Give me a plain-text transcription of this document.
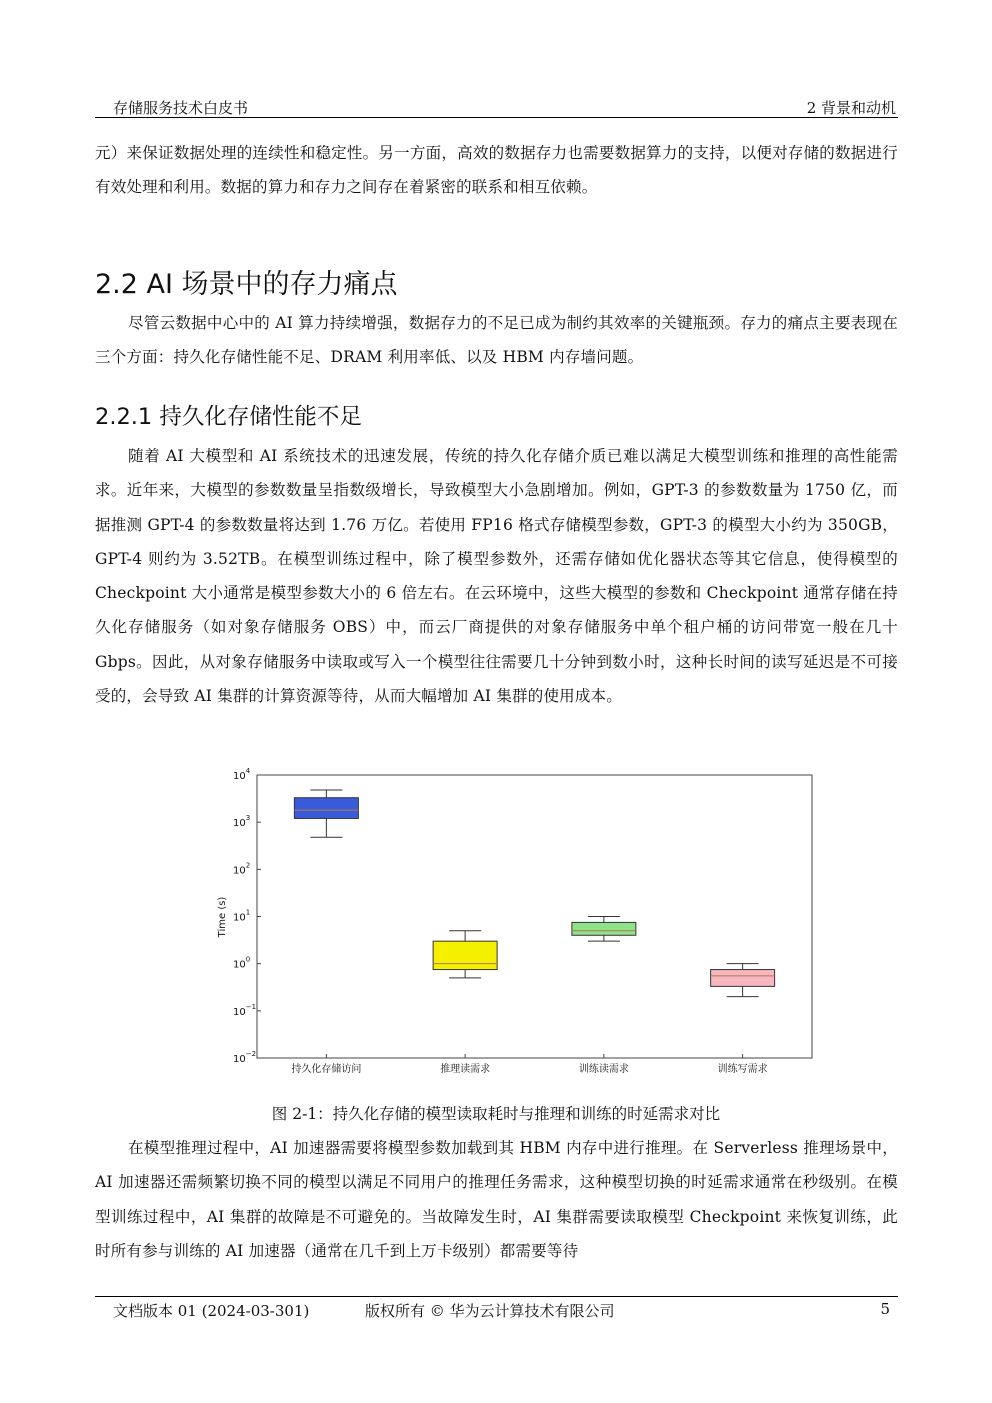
存储服务技术白皮书	2 背景和动机

元）来保证数据处理的连续性和稳定性。另一方面，高效的数据存力也需要数据算力的支持，以便对存储的数据进行有效处理和利用。数据的算力和存力之间存在着紧密的联系和相互依赖。

2.2 AI 场景中的存力痛点

尽管云数据中心中的 AI 算力持续增强，数据存力的不足已成为制约其效率的关键瓶颈。存力的痛点主要表现在三个方面：持久化存储性能不足、DRAM 利用率低、以及 HBM 内存墙问题。

2.2.1 持久化存储性能不足

随着 AI 大模型和 AI 系统技术的迅速发展，传统的持久化存储介质已难以满足大模型训练和推理的高性能需求。近年来，大模型的参数数量呈指数级增长，导致模型大小急剧增加。例如，GPT-3 的参数数量为 1750 亿，而据推测 GPT-4 的参数数量将达到 1.76 万亿。若使用 FP16 格式存储模型参数，GPT-3 的模型大小约为 350GB，GPT-4 则约为 3.52TB。在模型训练过程中，除了模型参数外，还需存储如优化器状态等其它信息，使得模型的 Checkpoint 大小通常是模型参数大小的 6 倍左右。在云环境中，这些大模型的参数和 Checkpoint 通常存储在持久化存储服务（如对象存储服务 OBS）中，而云厂商提供的对象存储服务中单个租户桶的访问带宽一般在几十 Gbps。因此，从对象存储服务中读取或写入一个模型往往需要几十分钟到数小时，这种长时间的读写延迟是不可接受的，会导致 AI 集群的计算资源等待，从而大幅增加 AI 集群的使用成本。

Time (s)
$10^4$
$10^3$
$10^2$
$10^1$
$10^0$
$10^{-1}$
$10^{-2}$
持久化存储访问	推理读需求	训练读需求	训练写需求
图 2-1：持久化存储的模型读取耗时与推理和训练的时延需求对比

在模型推理过程中，AI 加速器需要将模型参数加载到其 HBM 内存中进行推理。在 Serverless 推理场景中，AI 加速器还需频繁切换不同的模型以满足不同用户的推理任务需求，这种模型切换的时延需求通常在秒级别。在模型训练过程中，AI 集群的故障是不可避免的。当故障发生时，AI 集群需要读取模型 Checkpoint 来恢复训练，此时所有参与训练的 AI 加速器（通常在几千到上万卡级别）都需要等待

文档版本 01 (2024-03-301)	版权所有 © 华为云计算技术有限公司	5
